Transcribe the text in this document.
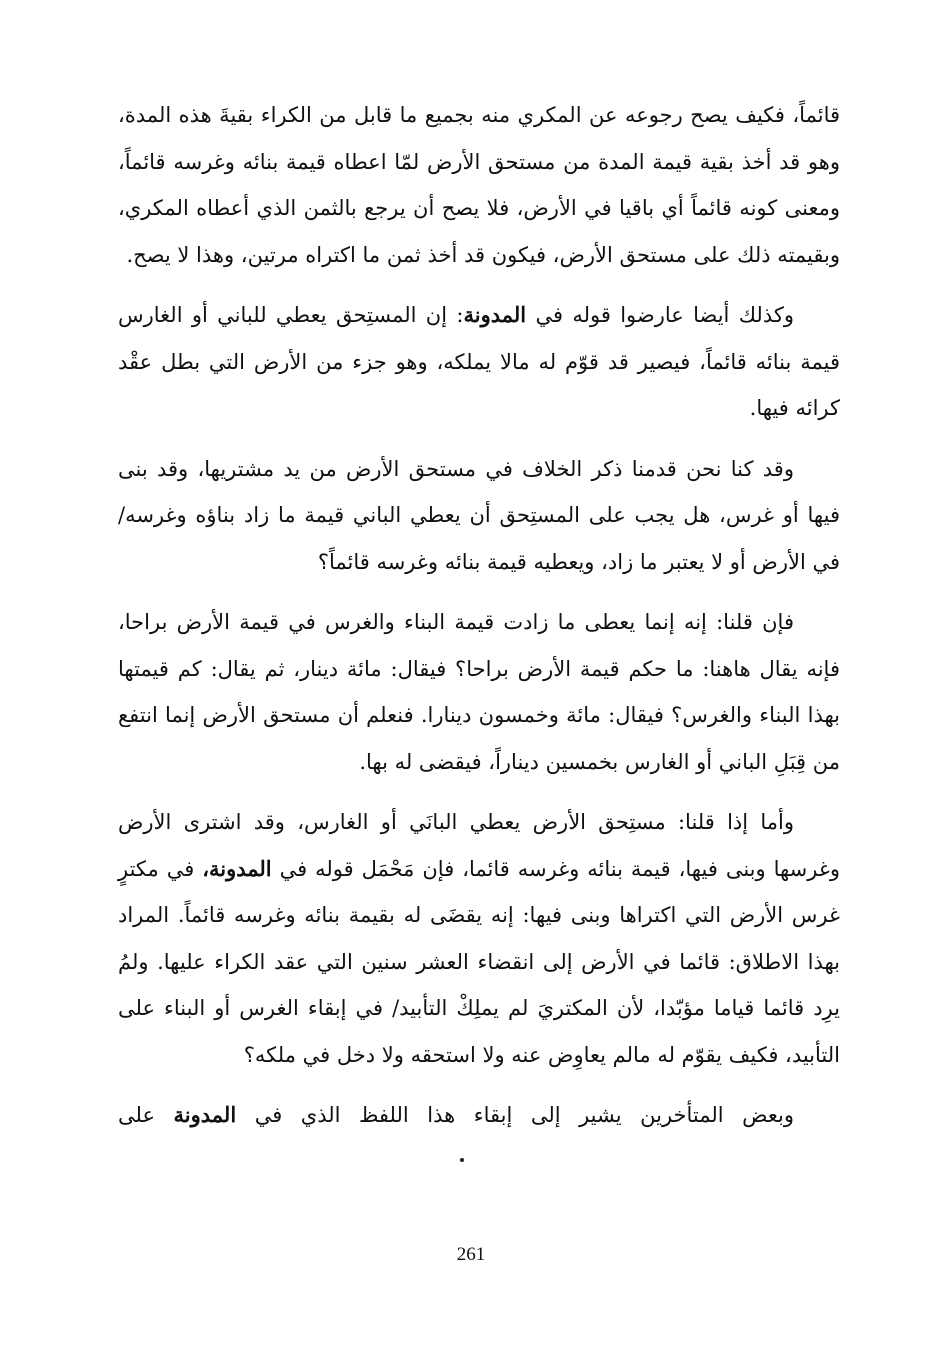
قائماً، فكيف يصح رجوعه عن المكري منه بجميع ما قابل من الكراء بقيةَ هذه المدة، وهو قد أخذ بقية قيمة المدة من مستحق الأرض لمّا اعطاه قيمة بنائه وغرسه قائماً، ومعنى كونه قائماً أي باقيا في الأرض، فلا يصح أن يرجع بالثمن الذي أعطاه المكري، وبقيمته ذلك على مستحق الأرض، فيكون قد أخذ ثمن ما اكتراه مرتين، وهذا لا يصح.

وكذلك أيضا عارضوا قوله في المدونة: إن المستِحق يعطي للباني أو الغارس قيمة بنائه قائماً، فيصير قد قوّم له مالا يملكه، وهو جزء من الأرض التي بطل عقْد كرائه فيها.

وقد كنا نحن قدمنا ذكر الخلاف في مستحق الأرض من يد مشتريها، وقد بنى فيها أو غرس، هل يجب على المستِحق أن يعطي الباني قيمة ما زاد بناؤه وغرسه/ في الأرض أو لا يعتبر ما زاد، ويعطيه قيمة بنائه وغرسه قائماً؟

فإن قلنا: إنه إنما يعطى ما زادت قيمة البناء والغرس في قيمة الأرض براحا، فإنه يقال هاهنا: ما حكم قيمة الأرض براحا؟ فيقال: مائة دينار، ثم يقال: كم قيمتها بهذا البناء والغرس؟ فيقال: مائة وخمسون دينارا. فنعلم أن مستحق الأرض إنما انتفع من قِبَلِ الباني أو الغارس بخمسين ديناراً، فيقضى له بها.

وأما إذا قلنا: مستِحق الأرض يعطي البانَي أو الغارس، وقد اشترى الأرض وغرسها وبنى فيها، قيمة بنائه وغرسه قائما، فإن مَحْمَل قوله في المدونة، في مكترٍ غرس الأرض التي اكتراها وبنى فيها: إنه يقضَى له بقيمة بنائه وغرسه قائماً. المراد بهذا الاطلاق: قائما في الأرض إلى انقضاء العشر سنين التي عقد الكراء عليها. ولمُ يرِد قائما قياما مؤبّدا، لأن المكتريَ لم يملِكْ التأبيد/ في إبقاء الغرس أو البناء على التأبيد، فكيف يقوّم له مالم يعاوِض عنه ولا استحقه ولا دخل في ملكه؟

وبعض المتأخرين يشير إلى إبقاء هذا اللفظ الذي في المدونة على

261
